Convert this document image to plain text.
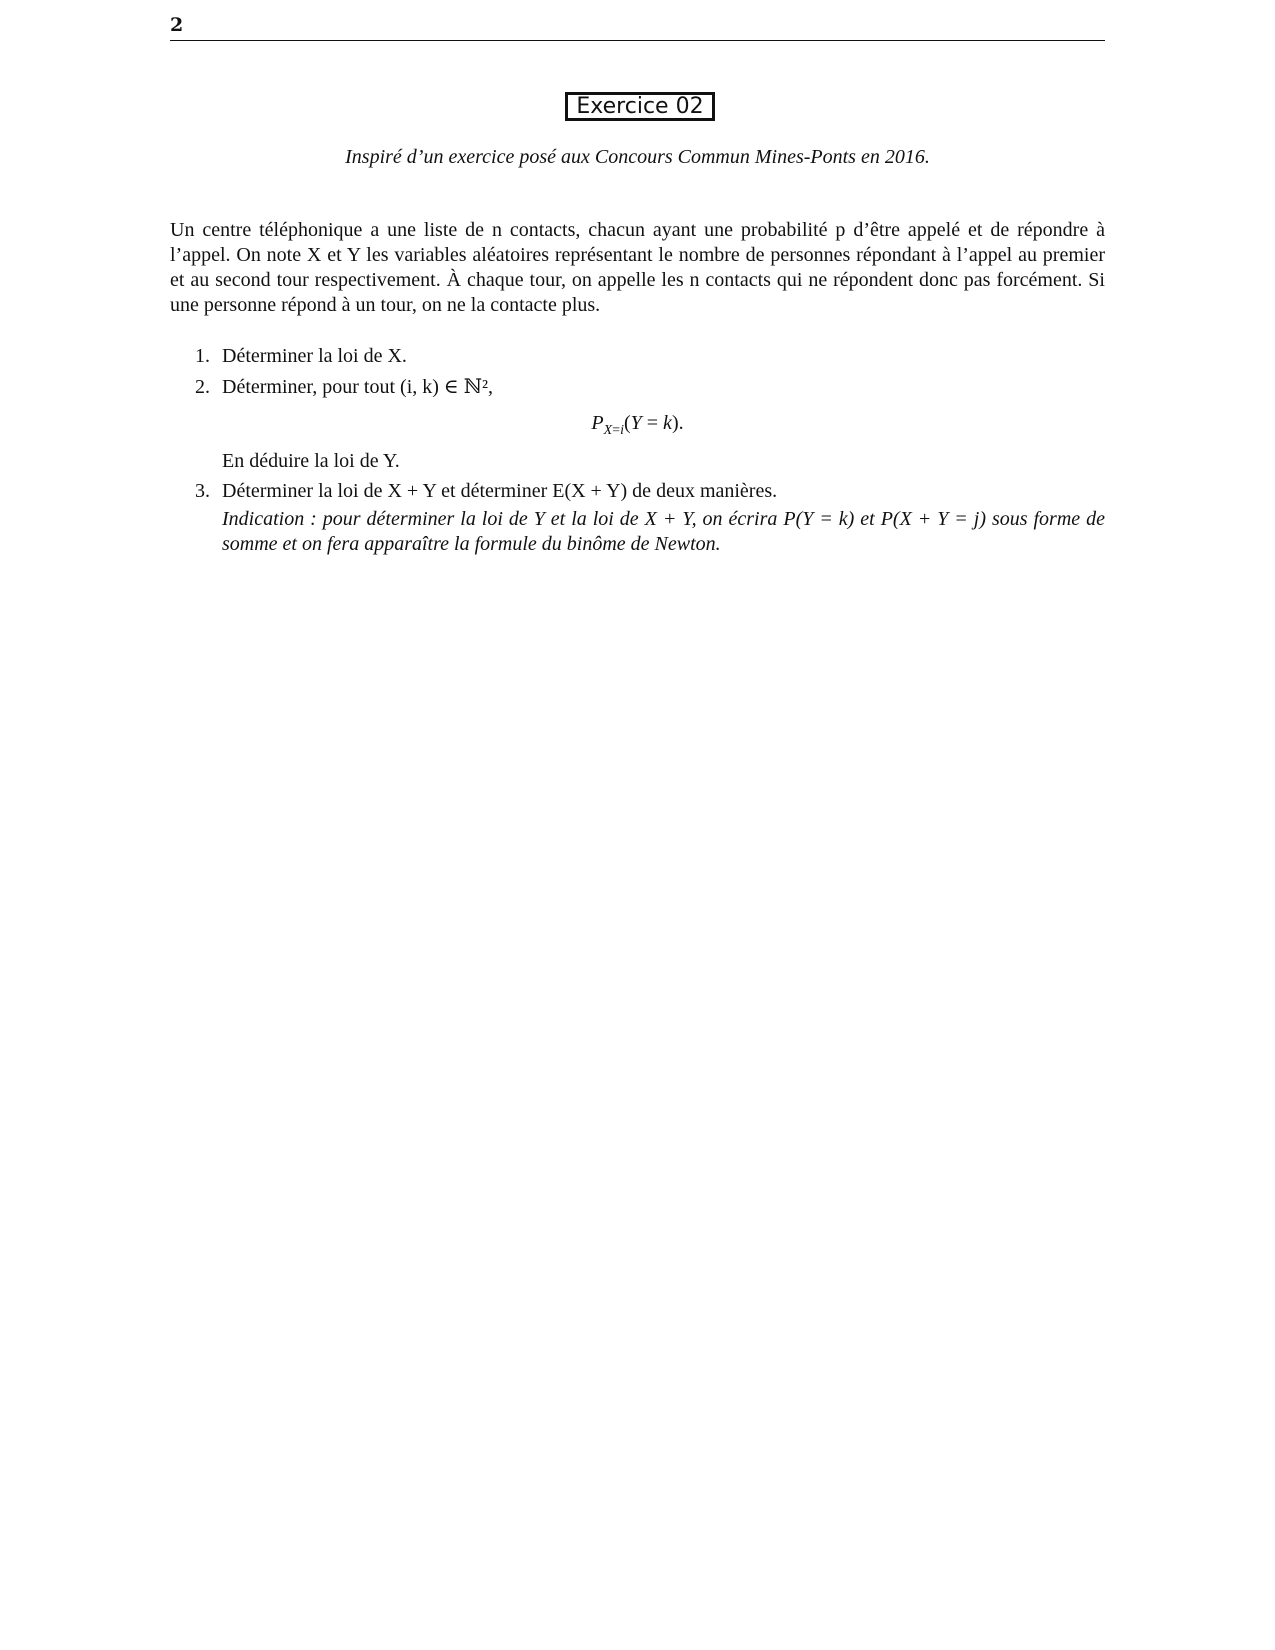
2
Exercice 02
Inspiré d’un exercice posé aux Concours Commun Mines-Ponts en 2016.
Un centre téléphonique a une liste de n contacts, chacun ayant une probabilité p d’être appelé et de répondre à l’appel. On note X et Y les variables aléatoires représentant le nombre de personnes répondant à l’appel au premier et au second tour respectivement. À chaque tour, on appelle les n contacts qui ne répondent donc pas forcément. Si une personne répond à un tour, on ne la contacte plus.
1. Déterminer la loi de X.
2. Déterminer, pour tout (i, k) ∈ ℕ²,
En déduire la loi de Y.
3. Déterminer la loi de X + Y et déterminer E(X + Y) de deux manières.
Indication : pour déterminer la loi de Y et la loi de X + Y, on écrira P(Y = k) et P(X + Y = j) sous forme de somme et on fera apparaître la formule du binôme de Newton.
$P_{X=i}(Y = k)$.
